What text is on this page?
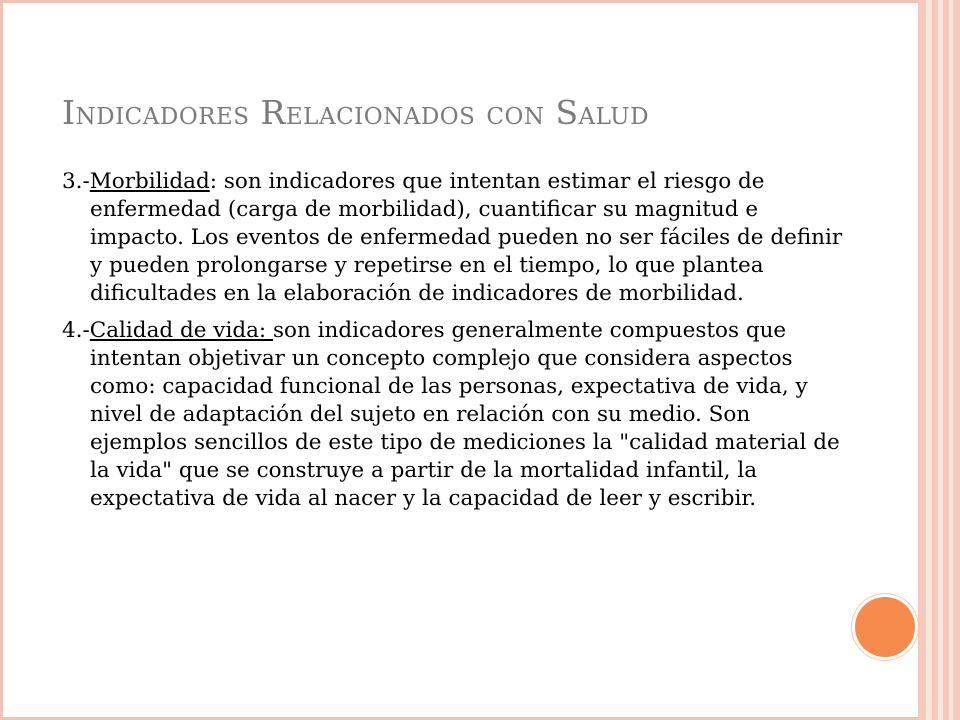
Indicadores Relacionados con Salud

3.-Morbilidad: son indicadores que intentan estimar el riesgo de enfermedad (carga de morbilidad), cuantificar su magnitud e impacto. Los eventos de enfermedad pueden no ser fáciles de definir y pueden prolongarse y repetirse en el tiempo, lo que plantea dificultades en la elaboración de indicadores de morbilidad.

4.-Calidad de vida: son indicadores generalmente compuestos que intentan objetivar un concepto complejo que considera aspectos como: capacidad funcional de las personas, expectativa de vida, y nivel de adaptación del sujeto en relación con su medio. Son ejemplos sencillos de este tipo de mediciones la "calidad material de la vida" que se construye a partir de la mortalidad infantil, la expectativa de vida al nacer y la capacidad de leer y escribir.
